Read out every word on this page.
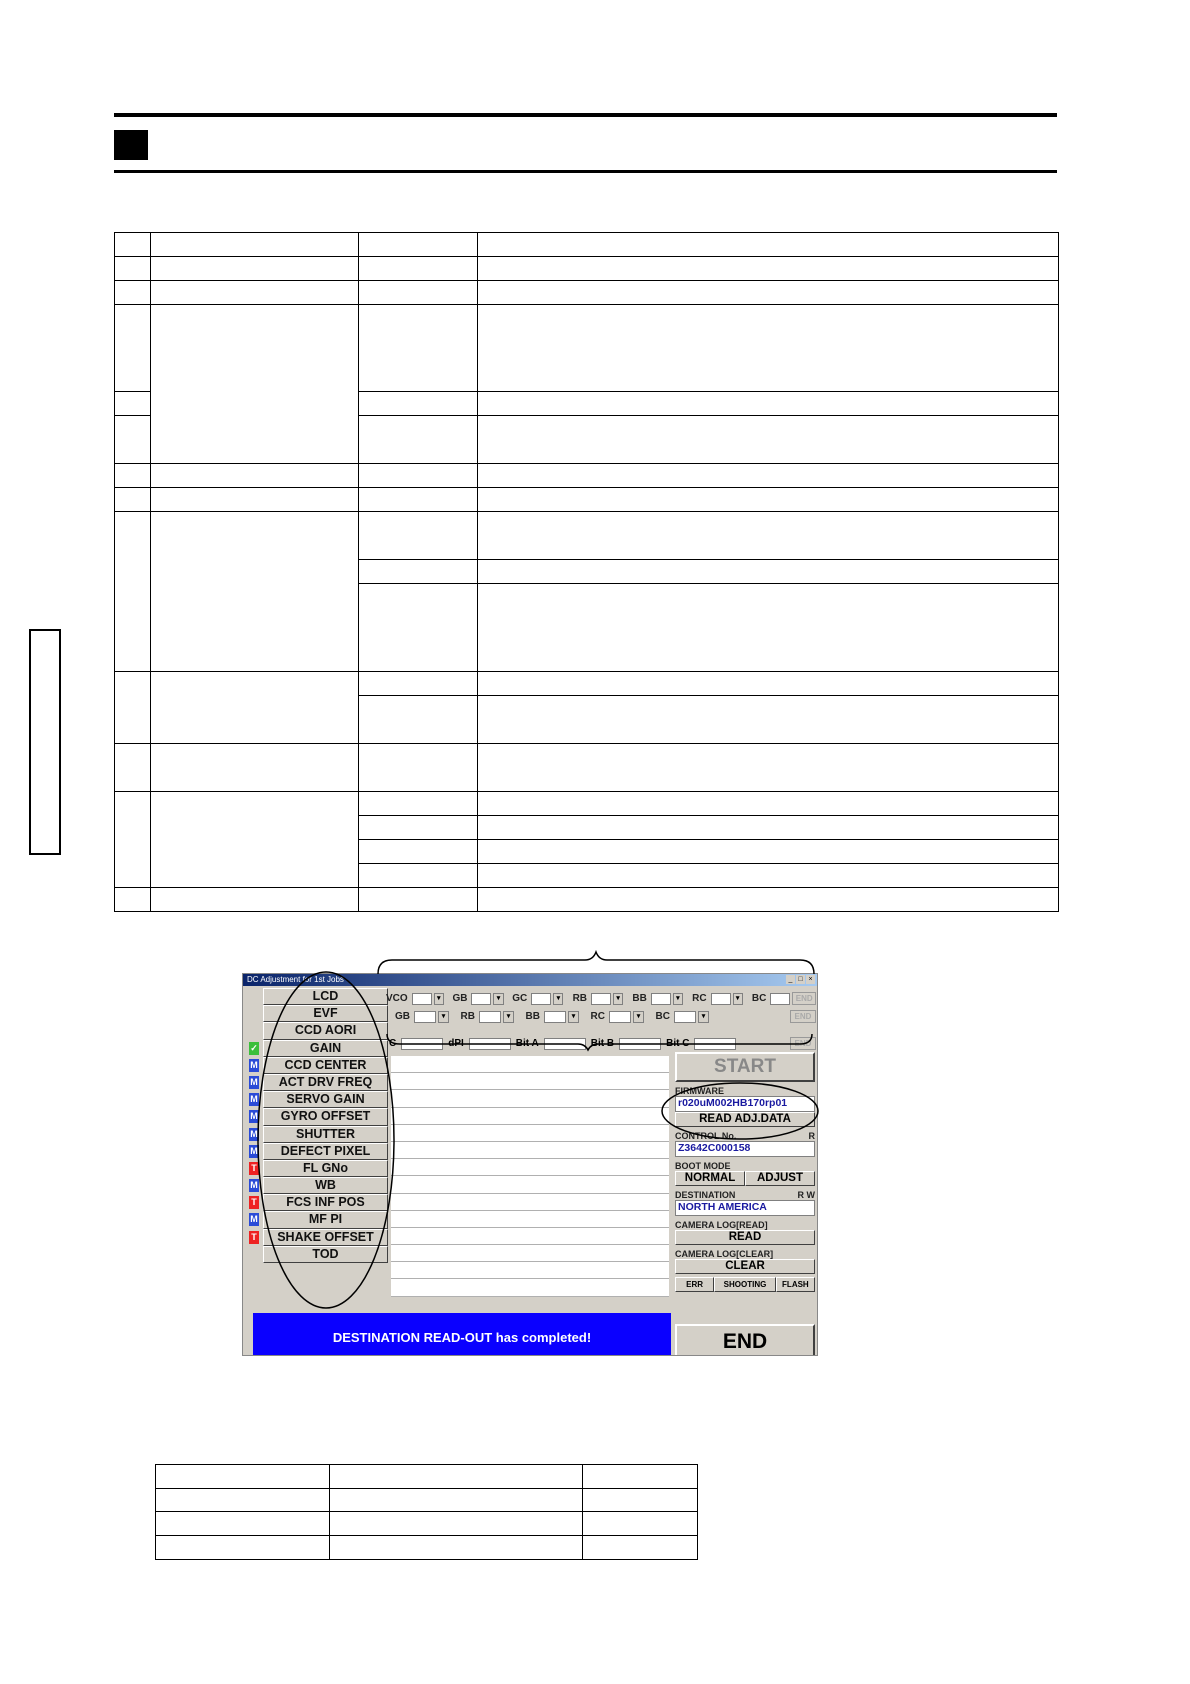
DC Adjustment for 1st Jobs	_ □ ×
✓
M
M
M
M
M
M
T
M
T
M
T
LCD
EVF
CCD AORI
GAIN
CCD CENTER
ACT DRV FREQ
SERVO GAIN
GYRO OFFSET
SHUTTER
DEFECT PIXEL
FL GNo
WB
FCS INF POS
MF PI
SHAKE OFFSET
TOD
VCO	▾	GB	▾	GC	▾	RB	▾	BB	▾	RC	▾	BC	END
GB	▾	RB	▾	BB	▾	RC	▾	BC	▾	END
C	dPI	Bit A	Bit B	Bit C	END
START
FIRMWARE
r020uM002HB170rp01
READ ADJ.DATA
CONTROL No.	R
Z3642C000158
BOOT MODE
NORMAL	ADJUST
DESTINATION	R W
NORTH AMERICA
CAMERA LOG[READ]
READ
CAMERA LOG[CLEAR]
CLEAR
ERR	SHOOTING	FLASH
DESTINATION READ-OUT has completed!	END
